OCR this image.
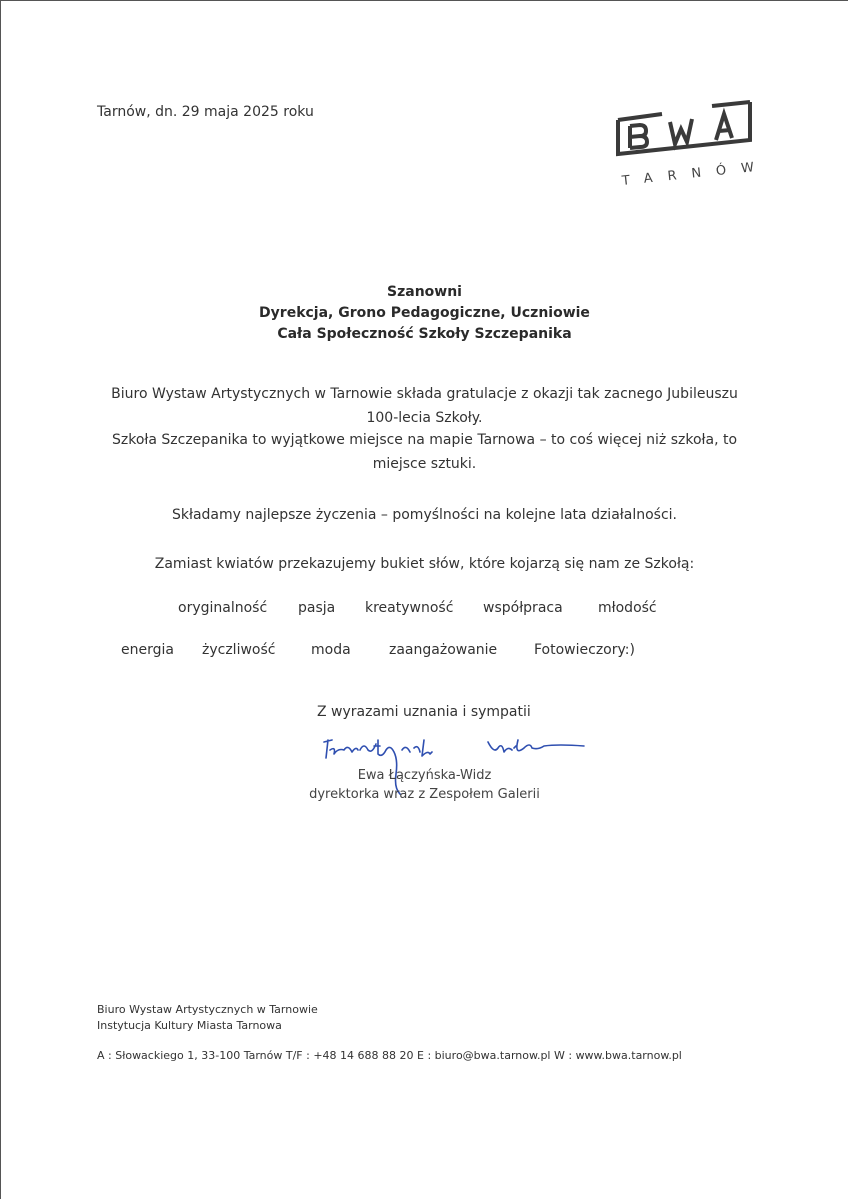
Tarnów, dn. 29 maja 2025 roku
TARNÓW
Szanowni
Dyrekcja, Grono Pedagogiczne, Uczniowie
Cała Społeczność Szkoły Szczepanika
Biuro Wystaw Artystycznych w Tarnowie składa gratulacje z okazji tak zacnego Jubileuszu
100-lecia Szkoły.
Szkoła Szczepanika to wyjątkowe miejsce na mapie Tarnowa – to coś więcej niż szkoła, to
miejsce sztuki.
Składamy najlepsze życzenia – pomyślności na kolejne lata działalności.
Zamiast kwiatów przekazujemy bukiet słów, które kojarzą się nam ze Szkołą:
oryginalność pasja kreatywność współpraca	młodość
energia życzliwość	moda	zaangażowanie	Fotowieczory:)
Z wyrazami uznania i sympatii
Ewa Łączyńska-Widz
dyrektorka wraz z Zespołem Galerii
Biuro Wystaw Artystycznych w Tarnowie
Instytucja Kultury Miasta Tarnowa
A : Słowackiego 1, 33-100 Tarnów T/F : +48 14 688 88 20 E : biuro@bwa.tarnow.pl W : www.bwa.tarnow.pl
